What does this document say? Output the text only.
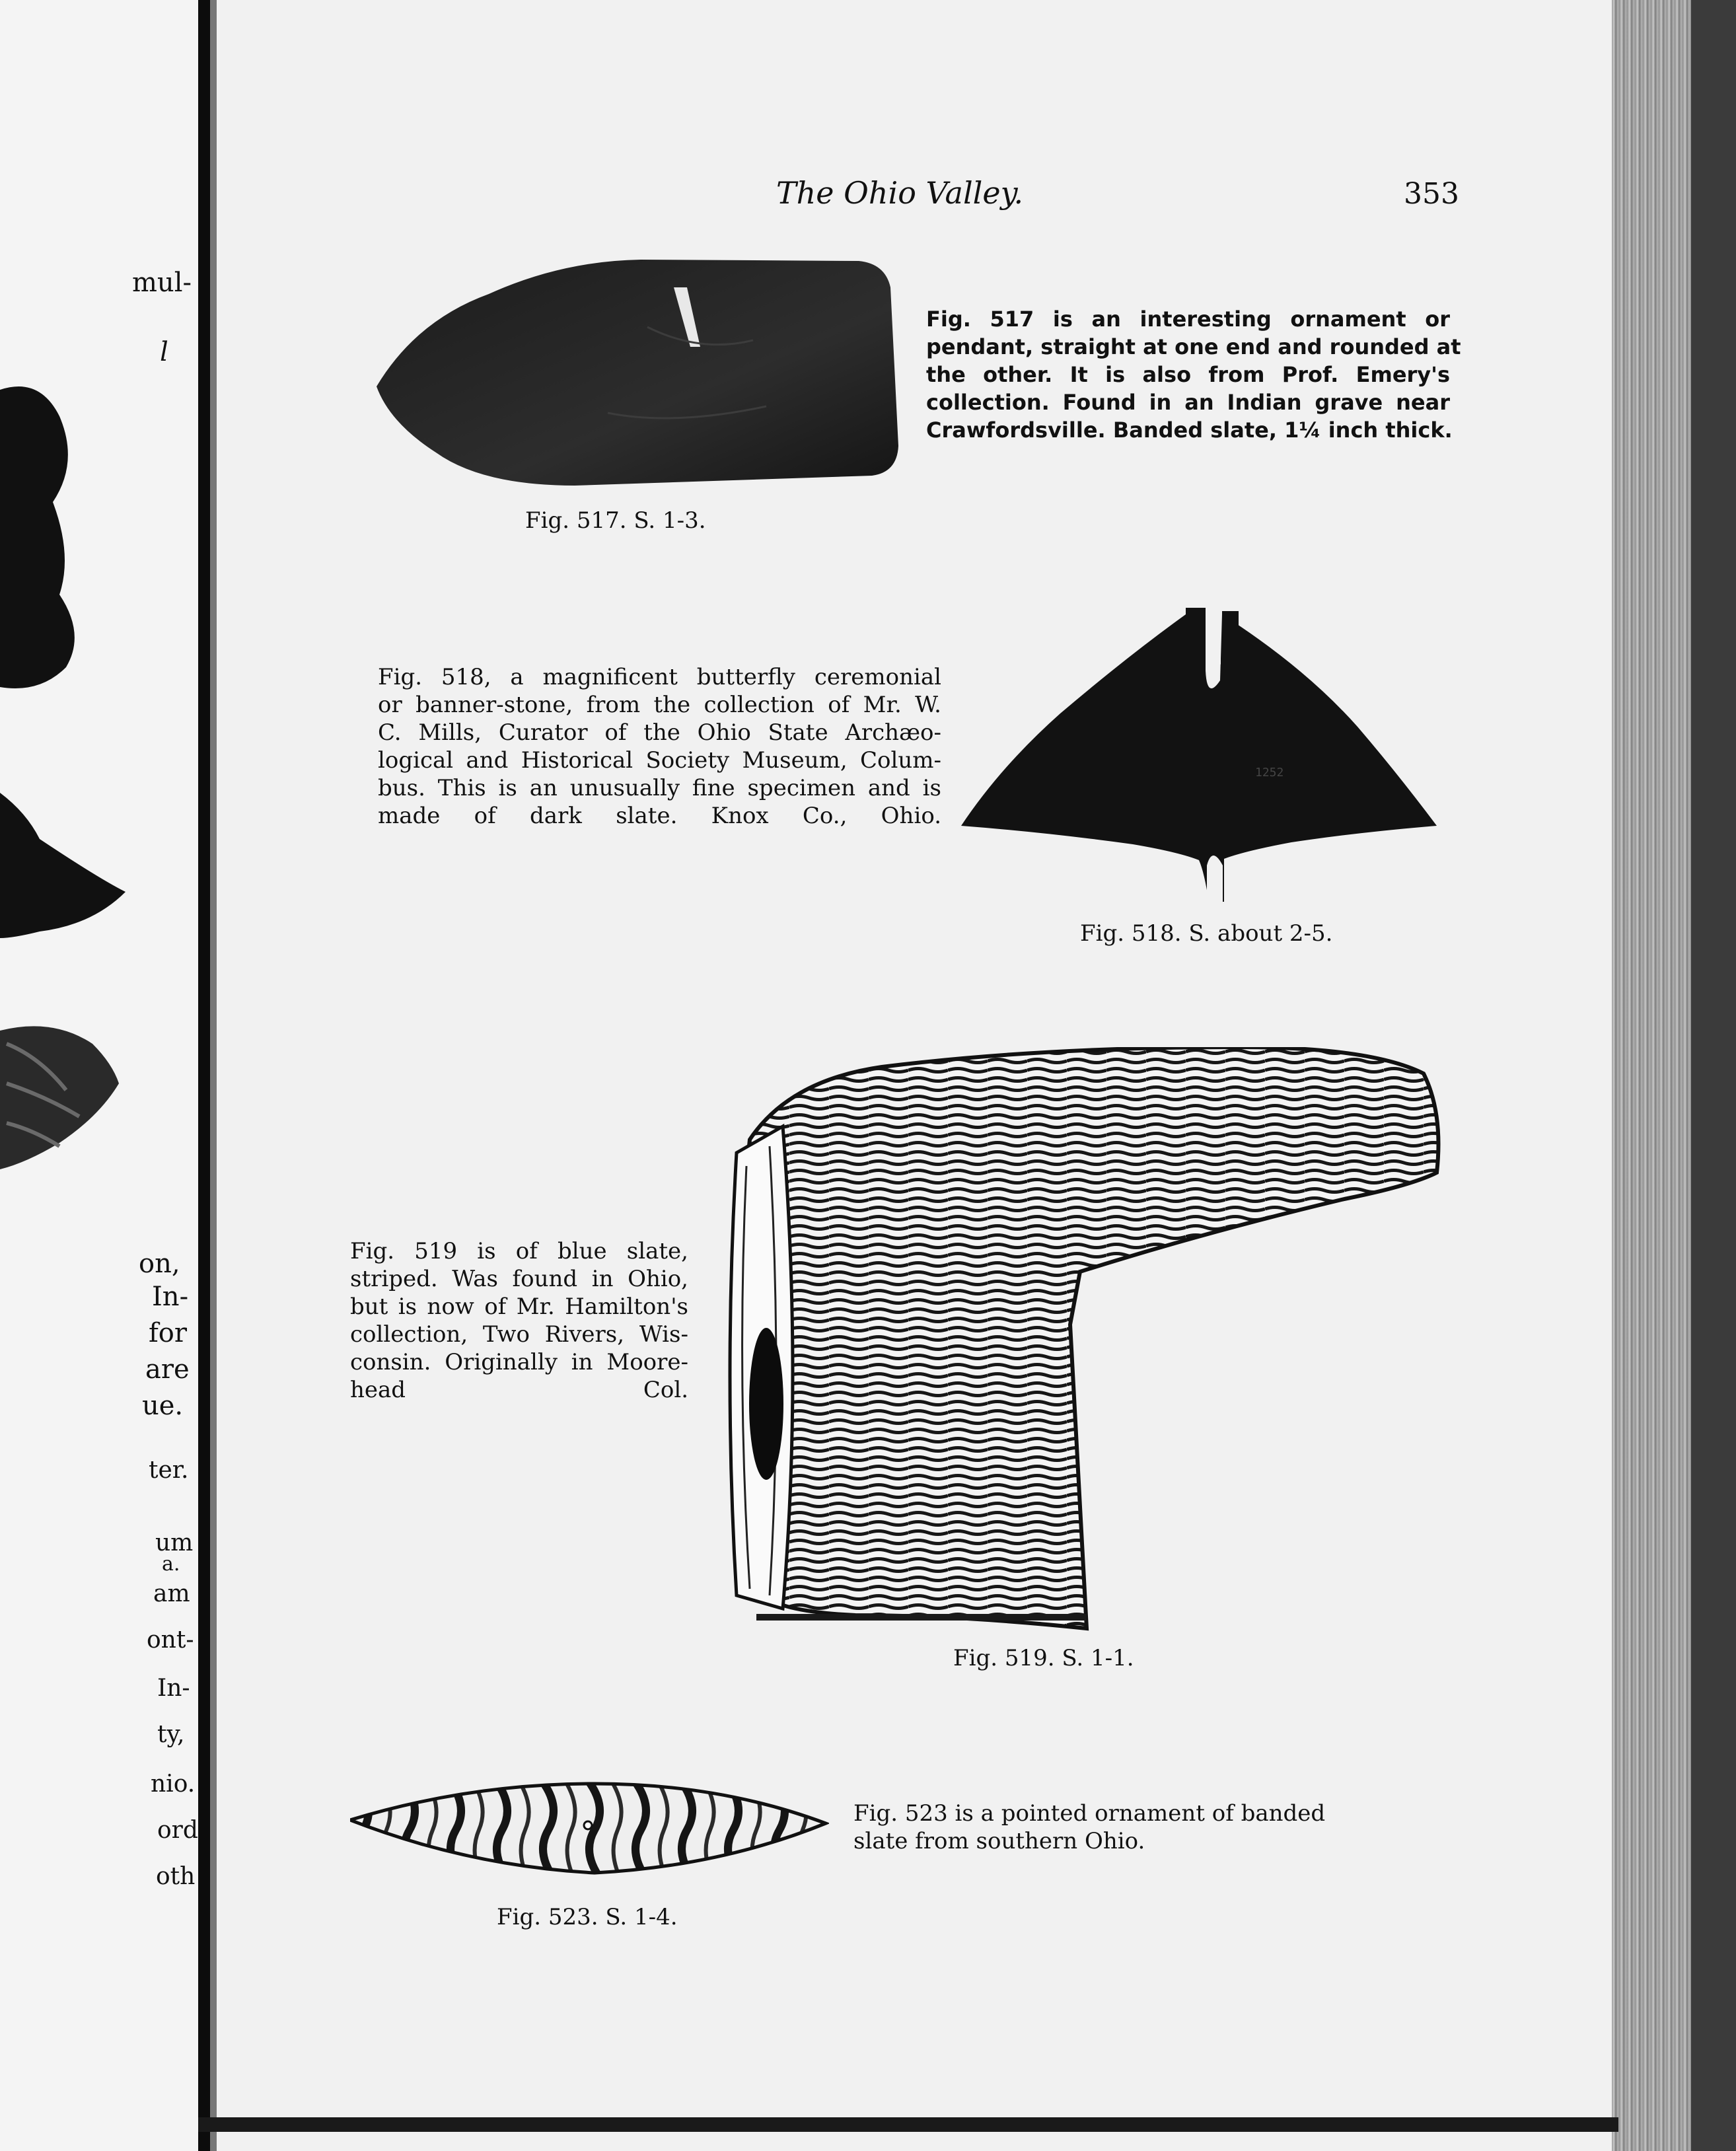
mul-

l

on,

In-

for

are

ue.

ter.

um

a.

am

ont-

In-

ty,

nio.

ord

oth

The Ohio Valley.	353

Fig. 517. S. 1-3.

Fig. 517 is an interesting ornament or
pendant, straight at one end and rounded at
the other. It is also from Prof. Emery's
collection. Found in an Indian grave near
Crawfordsville. Banded slate, 1¼ inch thick.
Fig. 518, a magnificent butterfly ceremonial
or banner-stone, from the collection of Mr. W.
C. Mills, Curator of the Ohio State Archæo-
logical and Historical Society Museum, Colum-
bus. This is an unusually fine specimen and is
made of dark slate. Knox Co., Ohio.
1252

Fig. 518. S. about 2-5.

Fig. 519 is of blue slate,
striped. Was found in Ohio,
but is now of Mr. Hamilton's
collection, Two Rivers, Wis-
consin. Originally in Moore-
head Col.

Fig. 519. S. 1-1.

Fig. 523 is a pointed ornament of banded
slate from southern Ohio.

Fig. 523. S. 1-4.
